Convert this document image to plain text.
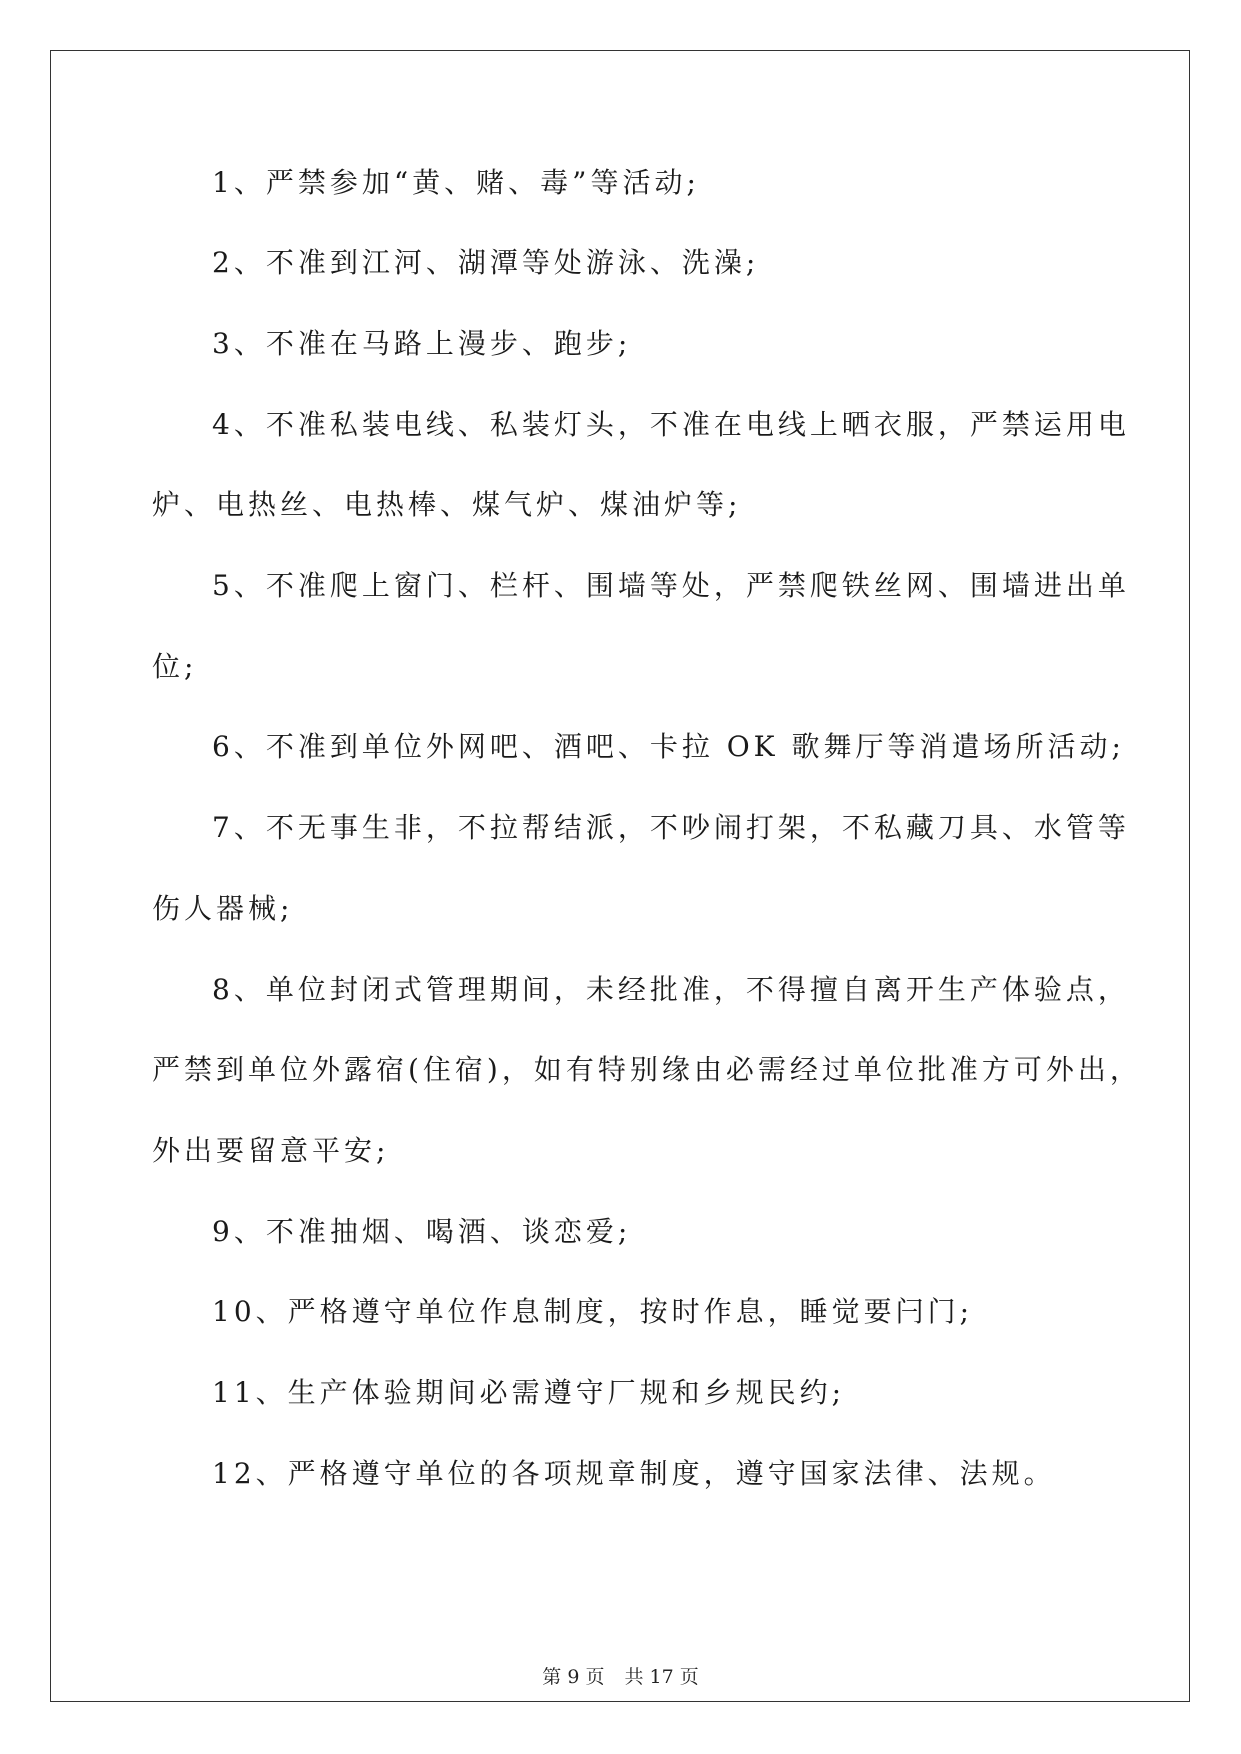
1、严禁参加“黄、赌、毒”等活动;
2、不准到江河、湖潭等处游泳、洗澡;
3、不准在马路上漫步、跑步;
4、不准私装电线、私装灯头，不准在电线上晒衣服，严禁运用电
炉、电热丝、电热棒、煤气炉、煤油炉等;
5、不准爬上窗门、栏杆、围墙等处，严禁爬铁丝网、围墙进出单
位;
6、不准到单位外网吧、酒吧、卡拉 OK 歌舞厅等消遣场所活动;
7、不无事生非，不拉帮结派，不吵闹打架，不私藏刀具、水管等
伤人器械;
8、单位封闭式管理期间，未经批准，不得擅自离开生产体验点，
严禁到单位外露宿(住宿)，如有特别缘由必需经过单位批准方可外出，
外出要留意平安;
9、不准抽烟、喝酒、谈恋爱;
10、严格遵守单位作息制度，按时作息，睡觉要闩门;
11、生产体验期间必需遵守厂规和乡规民约;
12、严格遵守单位的各项规章制度，遵守国家法律、法规。
第 9 页 共 17 页
